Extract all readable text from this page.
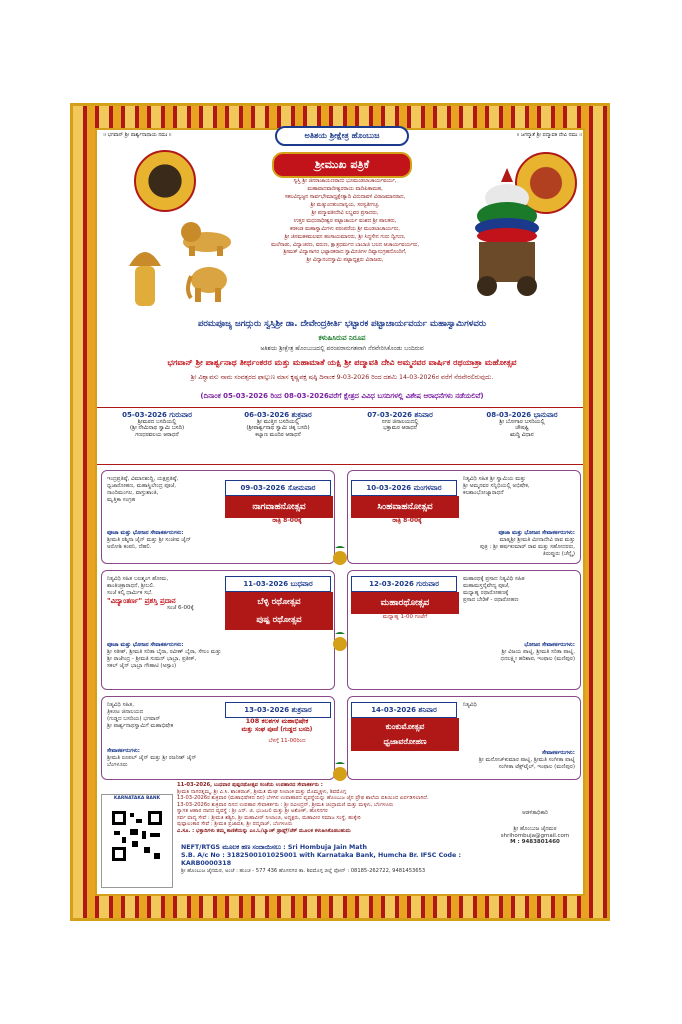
ಅತಿಶಯ ಶ್ರೀಕ್ಷೇತ್ರ ಹೊಂಬುಜ
॥ ಭಗವಾನ್ ಶ್ರೀ ಪಾರ್ಶ್ವನಾಥಾಯ ನಮಃ ॥	॥ ಜಗನ್ಮಾತೆ ಶ್ರೀ ಪದ್ಮಾವತಿ ದೇವಿ ನಮಃ ॥
ಶ್ರೀಮುಖ ಪತ್ರಿಕೆ
ಸ್ವಸ್ತಿ ಶ್ರೀ ಜಿನರಾಜಾಯಣರಾದು ಭೂಮಂಡಲಾಚಾರ್ಯವರ್ಯ,
ಮಹಾವಾದವಾದೀಶ್ವರರಾಯ ವಾದಿಪಿತಾಮಹ,
ಸಕಲವಿದ್ವಜ್ಜನ ಸಾರ್ವಭೌಮಾಧ್ಯಕ್ಷೇತ್ಯಾದಿ ವಿರುದಾವಳಿ ವಿರಾಜಮಾನರಾದ,
ಶ್ರೀ ಮತ್ಕುಂದಕುಂದಾನ್ವಯ, ಸರಸ್ವತೀಗಚ್ಛ,
ಶ್ರೀ ಪದ್ಮಾವತೀದೇವಿ ಲಬ್ಧವರ ಪ್ರಸಾದರು,
ಉತ್ತರ ಮಧುರಾಧೀಶ್ವರ ಪಟ್ಟಾಚಾರ್ಯ ವಂಶದ ಶ್ರೀ ಪಾಲಕರು,
ಕರಕಂಡ ಮಹಾಸ್ವಾಮಿಗಳು ಪರಂಪರೆಯ ಶ್ರೀ ಮಂಡಲಾಚಾರ್ಯರು,
ಶ್ರೀ ಜಿನಮತಕಮಲವನ ಹಂಸಾಯಮಾನರು, ಶ್ರೀ ಸಿದ್ಧಸೇನ ಗುರು ದ್ವಿಗುಣ,
ಮಲೆನಾಡು, ವಿದ್ಯಾಚರಣ, ವರುಣ, ಕ್ಷಾತ್ರಧರ್ಮದ ಬಾಬಾಜಿ ಬಲದ ಆಚಾರ್ಯವರ್ಯರು,
ಶ್ರೀಮತ್ ವಿದ್ಯಾಸಾಗರ ಭಟ್ಟಾರಕರಾದ ಸ್ವಾಮೀಜಿಗಳ ದಿವ್ಯಾನುಗ್ರಹದೊಂದಿಗೆ,
ಶ್ರೀ ವಿದ್ಯಾನಂದಸ್ವಾಮಿ ಪಟ್ಟಾಧ್ಯಕ್ಷರು ವಿರಾಜರು,
ಪರಮಪೂಜ್ಯ ಜಗದ್ಗುರು ಸ್ವಸ್ತಿಶ್ರೀ ಡಾ. ದೇವೇಂದ್ರಕೀರ್ತಿ ಭಟ್ಟಾರಕ ಪಟ್ಟಾಚಾರ್ಯವರ್ಯ ಮಹಾಸ್ವಾಮಿಗಳವರು
ಕಳುಹಿಸಿರುವ ನಿರೂಪ
ಅತಿಶಯ ಶ್ರೀಕ್ಷೇತ್ರ ಹೊಂಬುಜದಲ್ಲಿ ಪರಂಪರಾನುಗತವಾಗಿ ನೆರವೇರಿಸಿಕೊಂಡು ಬಂದಿರುವ
ಭಗವಾನ್ ಶ್ರೀ ಪಾರ್ಶ್ವನಾಥ ತೀರ್ಥಂಕರರ ಮತ್ತು ಮಹಾಮಾತೆ ಯಕ್ಷಿ ಶ್ರೀ ಪದ್ಮಾವತಿ ದೇವಿ ಅಮ್ಮನವರ ವಾರ್ಷಿಕ ರಥಯಾತ್ರಾ ಮಹೋತ್ಸವ
ಶ್ರೀ ವಿಶ್ವಾವಸು ನಾಮ ಸಂವತ್ಸರದ ಫಾಲ್ಗುಣ ಮಾಸ ಕೃಷ್ಣಪಕ್ಷ ಷಷ್ಠಿ ದಿನಾಂಕ 9-03-2026 ರಿಂದ ದಶಮಿ 14-03-2026ರ ವರೆಗೆ ನೆರವೇರಲಿರುವುದು.
(ದಿನಾಂಕ 05-03-2026 ರಿಂದ 08-03-2026ವರೆಗೆ ಕ್ಷೇತ್ರದ ವಿವಿಧ ಬಸದಿಗಳಲ್ಲಿ ವಿಶೇಷ ಆರಾಧನೆಗಳು ನಡೆಯಲಿವೆ)
05-03-2026 ಗುರುವಾರ
ಶ್ರೀಮಠದ ಬಸದಿಯಲ್ಲಿ
(ಶ್ರೀ ನೇಮಿನಾಥ ಸ್ವಾಮಿ ಬಸದಿ)
ಗಣಧರವಲಯ ಆರಾಧನೆ
06-03-2026 ಶುಕ್ರವಾರ
ಶ್ರೀ ಮುತ್ತಿನ ಬಸದಿಯಲ್ಲಿ
(ಶ್ರೀಪಾರ್ಶ್ವನಾಥ ಸ್ವಾಮಿ ಚಿಕ್ಕ ಬಸದಿ)
ಕಲ್ಯಾಣ ಮಂದಿರ ಆರಾಧನೆ
07-03-2026 ಶನಿವಾರ
ನಗರ ಜಿನಾಲಯದಲ್ಲಿ
ಭಕ್ತಾಮರ ಆರಾಧನೆ
08-03-2026 ಭಾನುವಾರ
ಶ್ರೀ ಬೋಗಾರ ಬಸದಿಯಲ್ಲಿ
ಚೌಷಷ್ಟಿ
ಋದ್ಧಿ ವಿಧಾನ
ಇಂದ್ರಪ್ರತಿಷ್ಠೆ, ವಿಮಾನಶುದ್ಧಿ, ಯಕ್ಷಪ್ರತಿಷ್ಠೆ,
ಧ್ವಜಾರೋಹಣ, ಮಹಾಸ್ಥಿಲೇಂದ್ರ ಪೂಜೆ,
ನಾಂದಿಮಂಗಲ, ವಾಸ್ತುಶಾಂತಿ,
ಮೃತ್ತಿಕಾ ಸಂಗ್ರಹ
09-03-2026 ಸೋಮವಾರ
ನಾಗವಾಹನೋತ್ಸವ
ರಾತ್ರಿ 8-00ಕ್ಕೆ
ಪೂಜಾ ಮತ್ತು ಭೋಜನ ಸೇವಾಕರ್ತರುಗಳು:
ಶ್ರೀಮತಿ ರಶ್ಮಿನಾ ಜೈನ್ ಮತ್ತು ಶ್ರೀ ಸಂಜೀವ ಜೈನ್
ಅರೋಶಿ ಕಂಪನಿ, ದೆಹಲಿ.
10-03-2026 ಮಂಗಳವಾರ
ಸಿಂಹವಾಹನೋತ್ಸವ
ರಾತ್ರಿ 8-00ಕ್ಕೆ
ನಿತ್ಯವಿಧಿ ಸಹಿತ ಶ್ರೀ ಸ್ವಾಮಿಯ ಮತ್ತು
ಶ್ರೀ ಅಮ್ಮನವರ ಸನ್ನಿಧಿಯಲ್ಲಿ ಅಭಿಷೇಕ,
ಕಲಶಾಂಭೋಜ್ಯಾರಾಧನೆ
ಪೂಜಾ ಮತ್ತು ಭೋಜನ ಸೇವಾಕರ್ತರುಗಳು:
ಮಾತೃಶ್ರೀ ಶ್ರೀಮತಿ ಮೀನಾದೇವಿ ರಾವ ಮತ್ತು
ಪುತ್ರ : ಶ್ರೀ ಹರ್ಷಕುಮಾರ್ ರಾವ ಮತ್ತು ಸಹೋದರರು,
ತಿರುಪ್ಪುರು (ಚೆನ್ನೈ)
ನಿತ್ಯವಿಧಿ ಸಹಿತ ಬಲಶ್ಮಂಗ ಹೋಮ,
ಶಾಂತಿಚಕ್ರಾರಾಧನೆ, ಶ್ರೀಬಲಿ.
ಸಂಜೆ ಕಲ್ಕಿ ಧಾರ್ಮಿಕ ಸಭೆ.
"ವಿದ್ಯಾಂತರ್ಣ" ಪ್ರಶಸ್ತಿ ಪ್ರದಾನ
ಸಂಜೆ 6-00ಕ್ಕೆ
11-03-2026 ಬುಧವಾರ
ಬೆಳ್ಳಿ ರಥೋತ್ಸವ
ಪುಷ್ಪ ರಥೋತ್ಸವ
ರಾತ್ರಿ 8-00
ಪೂಜಾ ಮತ್ತು ಭೋಜನ ಸೇವಾಕರ್ತರುಗಳು:
ಶ್ರೀ ಸತೀಶ್, ಶ್ರೀಮತಿ ಸರಿತಾ ಬೈರಾ, ರವೀಣ್ ಬೈರಾ, ಸೇಲಂ ಮತ್ತು
ಶ್ರೀ ರಾಜೇಂದ್ರ - ಶ್ರೀಮತಿ ಸುಮನ್ ಭಾಬ್ರಾ, ಪ್ರತೀಕ್,
ಸಕಲ್ ಜೈನ್ ಭಾಬ್ರಾ ಗೌಹಾಟಿ (ಅಸ್ಸಾಂ)
12-03-2026 ಗುರುವಾರ
ಮಹಾರಥೋತ್ಸವ
ಮಧ್ಯಾಹ್ನ 1-00 ಗಂಟೆಗೆ
ಮಹಾರಥಕ್ಕೆ ಪ್ರಸಾದ ನಿತ್ಯವಿಧಿ ಸಹಿತ
ಮಹಾಮಸ್ತನೈವೇದ್ಯ ಪೂಜೆ,
ಮಧ್ಯಾಹ್ನ ರಥಾರೋಹಣಕ್ಕೆ
ಪ್ರಸಾದ ಬೇಡಿಕೆ - ರಥಾರೋಹಣ
ಭೋಜನ ಸೇವಾಕರ್ತರುಗಳು:
ಶ್ರೀ ವಿಜಯ ಪಾಟ್ನಿ, ಶ್ರೀಮತಿ ಸರಿತಾ ಪಾಟ್ನಿ,
ಧನಲಕ್ಷ್ಮೀ ಹರಿಶಾಪ, ಇಂಫಾಲ (ಮಣಿಪುರ)
ನಿತ್ಯವಿಧಿ ಸಹಿತ,
ತ್ರಿಕೂಟ ಜಿನಾಲಯದ
(ಗುಡ್ಡದ ಬಸದಿಯ) ಭಗವಾನ್
ಶ್ರೀ ಪಾರ್ಶ್ವನಾಥಸ್ವಾಮಿಗೆ ಮಹಾಭಿಷೇಕ
13-03-2026 ಶುಕ್ರವಾರ
108 ಕಲಶಗಳ ಮಹಾಭಿಷೇಕ
ಮತ್ತು ಸಂಘ ಪೂಜೆ (ಗುಡ್ಡದ ಬಸದಿ)
ಬೆಳಗ್ಗೆ 11-00ರಿಂದ
ಸೇವಾಕರ್ತರುಗಳು:
ಶ್ರೀಮತಿ ರೂಪಲ್ ಜೈನ್ ಮತ್ತು ಶ್ರೀ ರಜನೀಶ್ ಜೈನ್
ಬೆಂಗಳೂರು
14-03-2026 ಶನಿವಾರ
ಕುಂಕುಮೋತ್ಸವ
ಧ್ವಜಾವರೋಹಣ
ನಿತ್ಯವಿಧಿ
ಸೇವಾಕರ್ತರುಗಳು:
ಶ್ರೀ ಮನೋಜ್‌ಕುಮಾರ ಪಾಟ್ನಿ, ಶ್ರೀಮತಿ ಸಂಗೀತಾ ಪಾಟ್ನಿ
ಸಂಗೀತಾ ಟೆಕ್ಸ್‌ಟೈಲ್, ಇಂಫಾಲ (ಮಣಿಪುರ)
11-03-2026, ಬುಧವಾರ ಪುಷ್ಪರಥೋತ್ಸವ ಸಂಜೆಯ ಉಪಹಾರದ ಸೇವಾಕರ್ತರು :
ಶ್ರೀಮತಿ ನಾಗರತ್ನಮ್ಮ, ಶ್ರೀ ವಿ.ಸಿ. ಶಾಂತರಾಜ್, ಶ್ರೀಮತಿ ಮೇಘ ನೀಲಾಂಕ ಮತ್ತು ಮೊಮ್ಮಕ್ಕಳು, ಶಿವಮೊಗ್ಗ
13-03-2026ರ ಶುಕ್ರವಾರ (ಮಹಾಭಿಷೇಕದ ದಿನ) ಬೆಳಗಿನ ಉಪಾಹಾರದ ವ್ಯವಸ್ಥೆಯನ್ನು ಹೊಂಬುಜ ಜೈನ ಪ್ರೌಢ ಶಾಲೆಯ ವತಿಯಿಂದ ಏರ್ಪಡಿಸಲಾಗಿದೆ.
13-03-2026ರ ಶುಕ್ರವಾರ ದಿನದ ಉಪಹಾರ ಸೇವಾಕರ್ತರು : ಶ್ರೀ ರವೀಂದ್ರನ್, ಶ್ರೀಮತಿ ಚಂದ್ರಾಮಣಿ ಮತ್ತು ಮಕ್ಕಳು, ಬೆಂಗಳೂರು
ಸ್ವಾಗತ ಆಹಾರ ದಾನದ ವ್ಯವಸ್ಥೆ : ಶ್ರೀ ಎನ್. ಜಿ. ಭುಜಬಲಿ ಮತ್ತು ಶ್ರೀ ಅಶೋಕ್, ಹೊಸನಗರ
ಸರ್ವ ವಾದ್ಯ ಸೇವೆ : ಶ್ರೀಮತಿ ಶಶ್ವಿನಿ, ಶ್ರೀ ಮಹಾವೀರ್ ನೀಲಾಂಜಿ, ಅಧ್ಯಕ್ಷರು, ಮಹಾವೀರ ಸಮಾಜ ಸಂಸ್ಥೆ, ಹುಕ್ಕೇರಿ
ಪುಷ್ಪಾಲಂಕಾರ ಸೇವೆ : ಶ್ರೀಮತಿ ಪ್ರಜಾವತಿ, ಶ್ರೀ ಪದ್ಮರಾಜ್, ಬೆಂಗಳೂರು
ವಿ.ಸೂ. : ಭಕ್ತಾದಿಗಳು ತಮ್ಮ ಕಾಣಿಕೆಯನ್ನು ಎಂ.ಓ/ಬ್ಯಾಂಕ್ ಡ್ರಾಫ್ಟ್/ಚೆಕ್ ಮೂಲಕ ಕಳುಹಿಸಿಕೊಡಬಹುದು
KARNATAKA BANK
NEFT/RTGS ಮೂಲಕ ಹಣ ಸಂದಾಯಿಸಲು : Sri Hombuja Jain Math
S.B. A/c No : 3182500101025001 with Karnataka Bank, Humcha Br. IFSC Code : KARB0000318
ಶ್ರೀ ಹೊಂಬುಜ ಜೈನಮಠ, ಅಂಚೆ : ಹುಂಚ - 577 436 ಹೊಸನಗರ ತಾ. ಶಿವಮೊಗ್ಗ ಜಿಲ್ಲೆ ಫೋನ್ : 08185-262722, 9481453653
ಆಡಳಿತಾಧಿಕಾರಿ
ಶ್ರೀ ಹೊಂಬುಜ ಜೈನಮಠ
shrihombuja@gmail.com
M : 9483801460
